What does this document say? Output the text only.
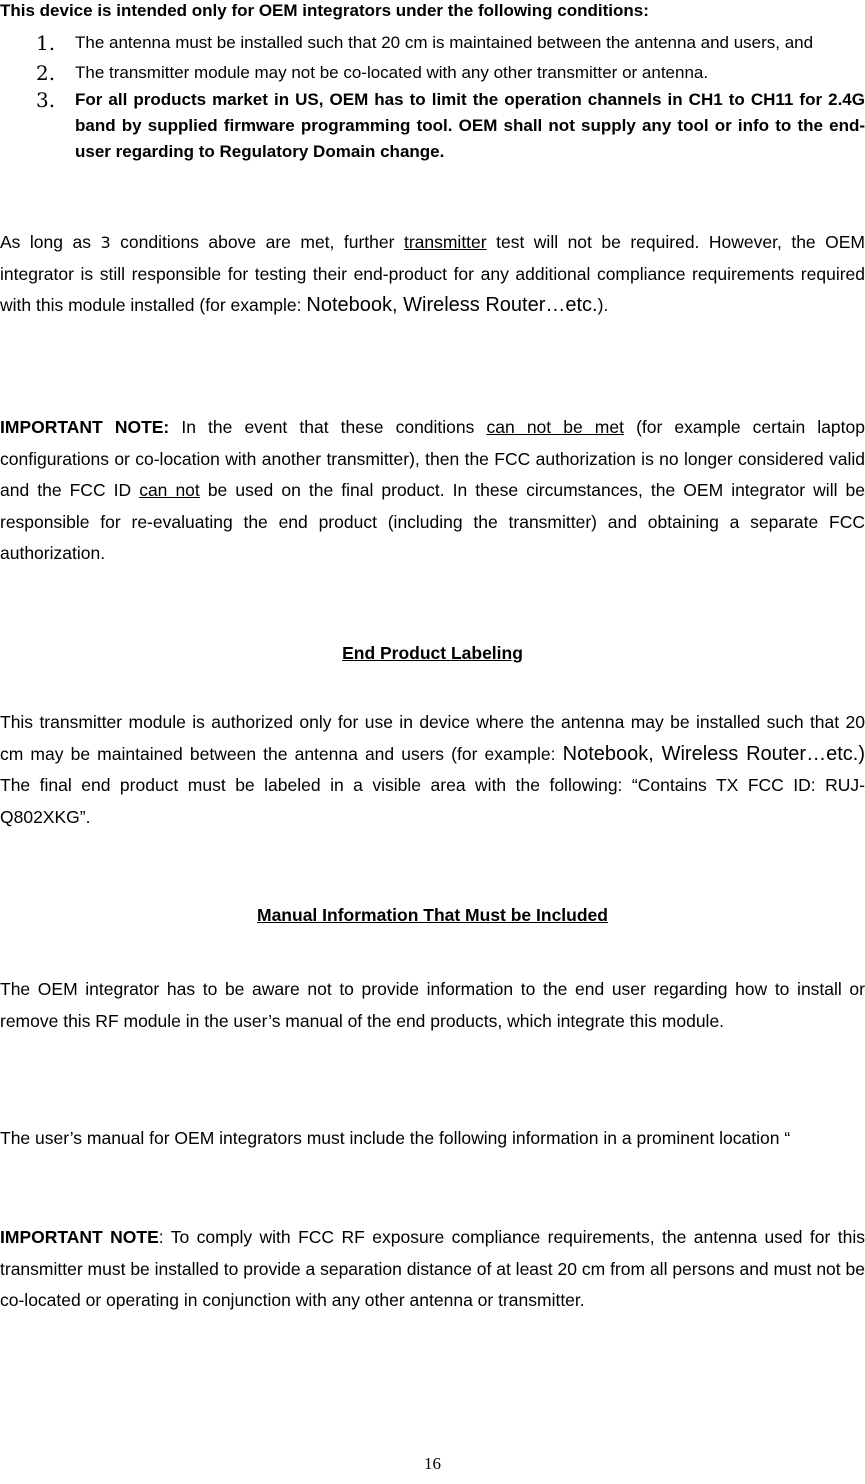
This device is intended only for OEM integrators under the following conditions:
1. The antenna must be installed such that 20 cm is maintained between the antenna and users, and
2. The transmitter module may not be co-located with any other transmitter or antenna.
3. For all products market in US, OEM has to limit the operation channels in CH1 to CH11 for 2.4G band by supplied firmware programming tool. OEM shall not supply any tool or info to the end-user regarding to Regulatory Domain change.
As long as 3 conditions above are met, further transmitter test will not be required. However, the OEM integrator is still responsible for testing their end-product for any additional compliance requirements required with this module installed (for example: Notebook, Wireless Router…etc.).
IMPORTANT NOTE: In the event that these conditions can not be met (for example certain laptop configurations or co-location with another transmitter), then the FCC authorization is no longer considered valid and the FCC ID can not be used on the final product. In these circumstances, the OEM integrator will be responsible for re-evaluating the end product (including the transmitter) and obtaining a separate FCC authorization.
End Product Labeling
This transmitter module is authorized only for use in device where the antenna may be installed such that 20 cm may be maintained between the antenna and users (for example: Notebook, Wireless Router…etc.) The final end product must be labeled in a visible area with the following: “Contains TX FCC ID: RUJ-Q802XKG”.
Manual Information That Must be Included
The OEM integrator has to be aware not to provide information to the end user regarding how to install or remove this RF module in the user’s manual of the end products, which integrate this module.
The user’s manual for OEM integrators must include the following information in a prominent location “
IMPORTANT NOTE: To comply with FCC RF exposure compliance requirements, the antenna used for this transmitter must be installed to provide a separation distance of at least 20 cm from all persons and must not be co-located or operating in conjunction with any other antenna or transmitter.
16
